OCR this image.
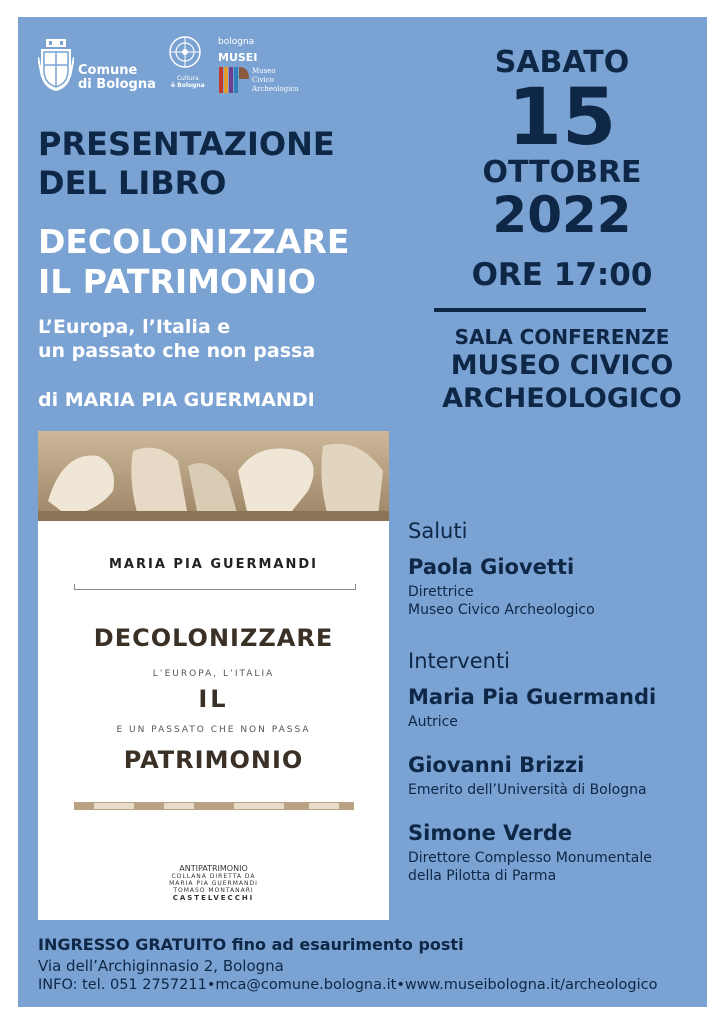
Comune
di Bologna	Cultura
è Bologna
bologna
MUSEI
Museo
Civico
Archeologico
PRESENTAZIONE
DEL LIBRO
DECOLONIZZARE
IL PATRIMONIO
L’Europa, l’Italia e
un passato che non passa
di MARIA PIA GUERMANDI
SABATO
15
OTTOBRE
2022
ORE 17:00
SALA CONFERENZE
MUSEO CIVICO
ARCHEOLOGICO
MARIA PIA GUERMANDI
DECOLONIZZARE
L’EUROPA, L’ITALIA
IL
E UN PASSATO CHE NON PASSA
PATRIMONIO
ANTIPATRIMONIO
COLLANA DIRETTA DA
MARIA PIA GUERMANDI
TOMASO MONTANARI
CASTELVECCHI
Saluti
Paola Giovetti
Direttrice
Museo Civico Archeologico
Interventi
Maria Pia Guermandi
Autrice
Giovanni Brizzi
Emerito dell’Università di Bologna
Simone Verde
Direttore Complesso Monumentale
della Pilotta di Parma
INGRESSO GRATUITO fino ad esaurimento posti
Via dell’Archiginnasio 2, Bologna
INFO: tel. 051 2757211•mca@comune.bologna.it•www.museibologna.it/archeologico
